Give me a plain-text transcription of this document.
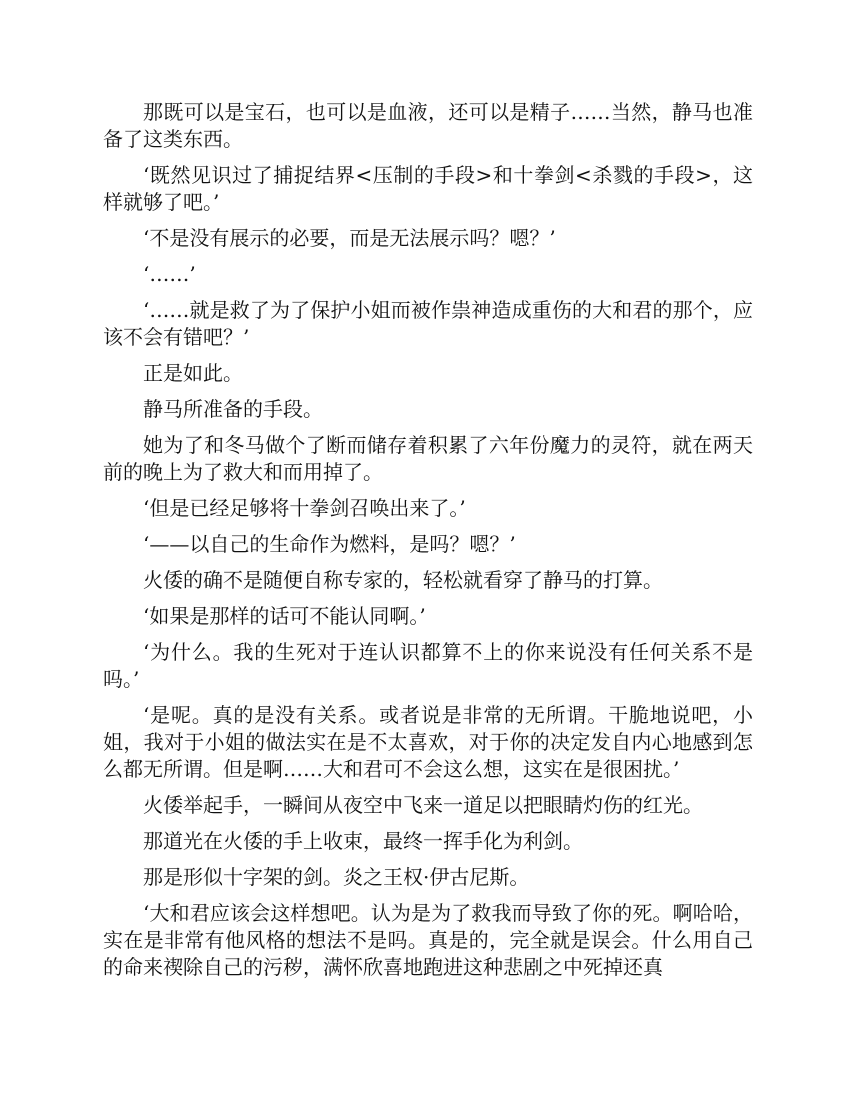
那既可以是宝石，也可以是血液，还可以是精子……当然，静马也准备了这类东西。

‘既然见识过了捕捉结界<压制的手段>和十拳剑<杀戮的手段>，这样就够了吧。’

‘不是没有展示的必要，而是无法展示吗？嗯？’

‘……’

‘……就是救了为了保护小姐而被作祟神造成重伤的大和君的那个，应该不会有错吧？’

正是如此。

静马所准备的手段。

她为了和冬马做个了断而储存着积累了六年份魔力的灵符，就在两天前的晚上为了救大和而用掉了。

‘但是已经足够将十拳剑召唤出来了。’

‘——以自己的生命作为燃料，是吗？嗯？’

火倭的确不是随便自称专家的，轻松就看穿了静马的打算。

‘如果是那样的话可不能认同啊。’

‘为什么。我的生死对于连认识都算不上的你来说没有任何关系不是吗。’

‘是呢。真的是没有关系。或者说是非常的无所谓。干脆地说吧，小姐，我对于小姐的做法实在是不太喜欢，对于你的决定发自内心地感到怎么都无所谓。但是啊……大和君可不会这么想，这实在是很困扰。’

火倭举起手，一瞬间从夜空中飞来一道足以把眼睛灼伤的红光。

那道光在火倭的手上收束，最终一挥手化为利剑。

那是形似十字架的剑。炎之王权·伊古尼斯。

‘大和君应该会这样想吧。认为是为了救我而导致了你的死。啊哈哈，实在是非常有他风格的想法不是吗。真是的，完全就是误会。什么用自己的命来禊除自己的污秽，满怀欣喜地跑进这种悲剧之中死掉还真
